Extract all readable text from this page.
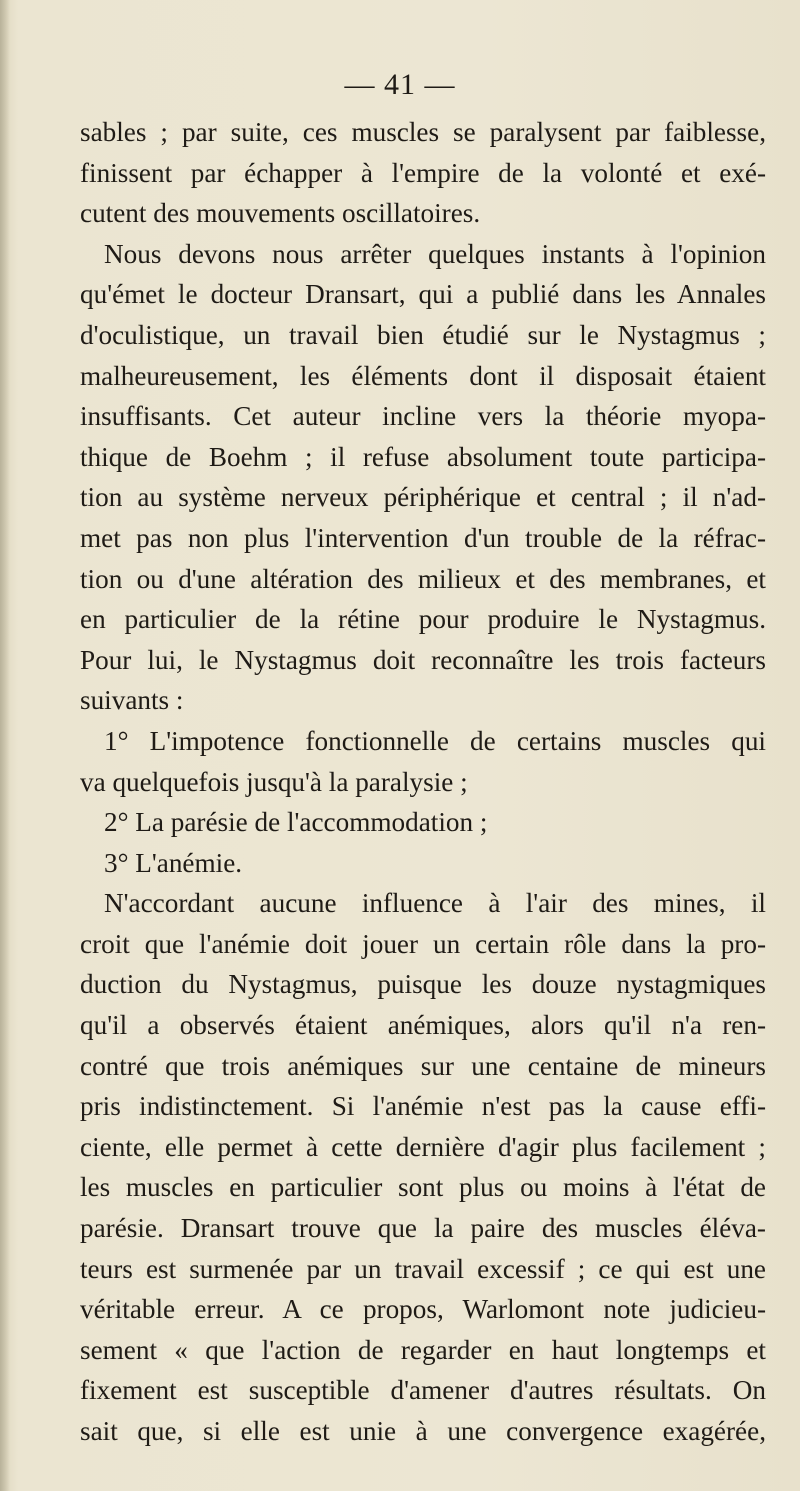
— 41 —
sables ; par suite, ces muscles se paralysent par faiblesse,
finissent par échapper à l'empire de la volonté et exé-
cutent des mouvements oscillatoires.
Nous devons nous arrêter quelques instants à l'opinion
qu'émet le docteur Dransart, qui a publié dans les Annales
d'oculistique, un travail bien étudié sur le Nystagmus ;
malheureusement, les éléments dont il disposait étaient
insuffisants. Cet auteur incline vers la théorie myopa-
thique de Boehm ; il refuse absolument toute participa-
tion au système nerveux périphérique et central ; il n'ad-
met pas non plus l'intervention d'un trouble de la réfrac-
tion ou d'une altération des milieux et des membranes, et
en particulier de la rétine pour produire le Nystagmus.
Pour lui, le Nystagmus doit reconnaître les trois facteurs
suivants :
1° L'impotence fonctionnelle de certains muscles qui
va quelquefois jusqu'à la paralysie ;
2° La parésie de l'accommodation ;
3° L'anémie.
N'accordant aucune influence à l'air des mines, il
croit que l'anémie doit jouer un certain rôle dans la pro-
duction du Nystagmus, puisque les douze nystagmiques
qu'il a observés étaient anémiques, alors qu'il n'a ren-
contré que trois anémiques sur une centaine de mineurs
pris indistinctement. Si l'anémie n'est pas la cause effi-
ciente, elle permet à cette dernière d'agir plus facilement ;
les muscles en particulier sont plus ou moins à l'état de
parésie. Dransart trouve que la paire des muscles éléva-
teurs est surmenée par un travail excessif ; ce qui est une
véritable erreur. A ce propos, Warlomont note judicieu-
sement « que l'action de regarder en haut longtemps et
fixement est susceptible d'amener d'autres résultats. On
sait que, si elle est unie à une convergence exagérée,
